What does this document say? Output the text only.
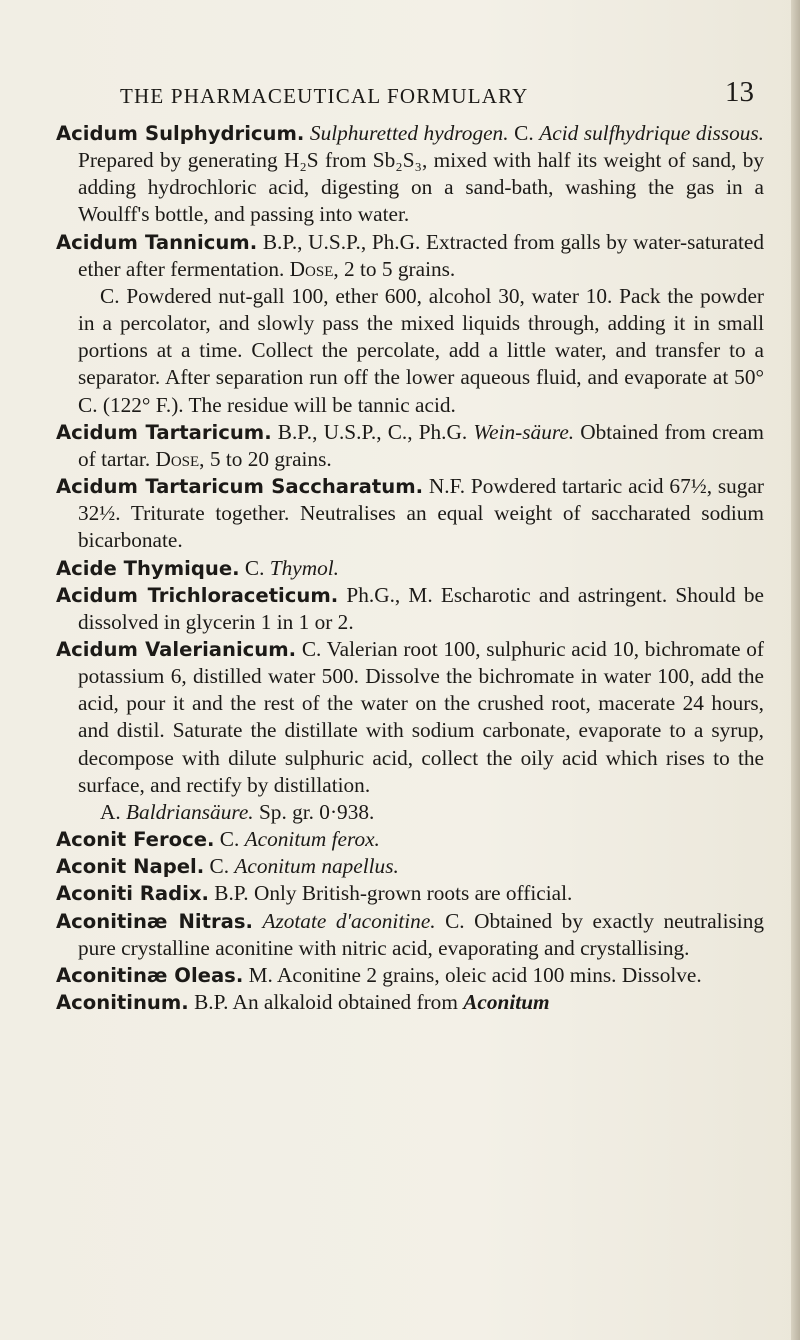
THE PHARMACEUTICAL FORMULARY	13

Acidum Sulphydricum. Sulphuretted hydrogen. C. Acid sulfhydrique dissous. Prepared by generating H₂S from Sb₂S₃, mixed with half its weight of sand, by adding hydrochloric acid, digesting on a sand-bath, washing the gas in a Woulff's bottle, and passing into water.

Acidum Tannicum. B.P., U.S.P., Ph.G. Extracted from galls by water-saturated ether after fermentation. Dose, 2 to 5 grains.

C. Powdered nut-gall 100, ether 600, alcohol 30, water 10. Pack the powder in a percolator, and slowly pass the mixed liquids through, adding it in small portions at a time. Collect the percolate, add a little water, and transfer to a separator. After separation run off the lower aqueous fluid, and evaporate at 50° C. (122° F.). The residue will be tannic acid.

Acidum Tartaricum. B.P., U.S.P., C., Ph.G. Wein-säure. Obtained from cream of tartar. Dose, 5 to 20 grains.

Acidum Tartaricum Saccharatum. N.F. Powdered tartaric acid 67½, sugar 32½. Triturate together. Neutralises an equal weight of saccharated sodium bicarbonate.

Acide Thymique. C. Thymol.

Acidum Trichloraceticum. Ph.G., M. Escharotic and astringent. Should be dissolved in glycerin 1 in 1 or 2.

Acidum Valerianicum. C. Valerian root 100, sulphuric acid 10, bichromate of potassium 6, distilled water 500. Dissolve the bichromate in water 100, add the acid, pour it and the rest of the water on the crushed root, macerate 24 hours, and distil. Saturate the distillate with sodium carbonate, evaporate to a syrup, decompose with dilute sulphuric acid, collect the oily acid which rises to the surface, and rectify by distillation.

A. Baldriansäure. Sp. gr. 0·938.

Aconit Feroce. C. Aconitum ferox.

Aconit Napel. C. Aconitum napellus.

Aconiti Radix. B.P. Only British-grown roots are official.

Aconitinæ Nitras. Azotate d'aconitine. C. Obtained by exactly neutralising pure crystalline aconitine with nitric acid, evaporating and crystallising.

Aconitinæ Oleas. M. Aconitine 2 grains, oleic acid 100 mins. Dissolve.

Aconitinum. B.P. An alkaloid obtained from Aconitum
